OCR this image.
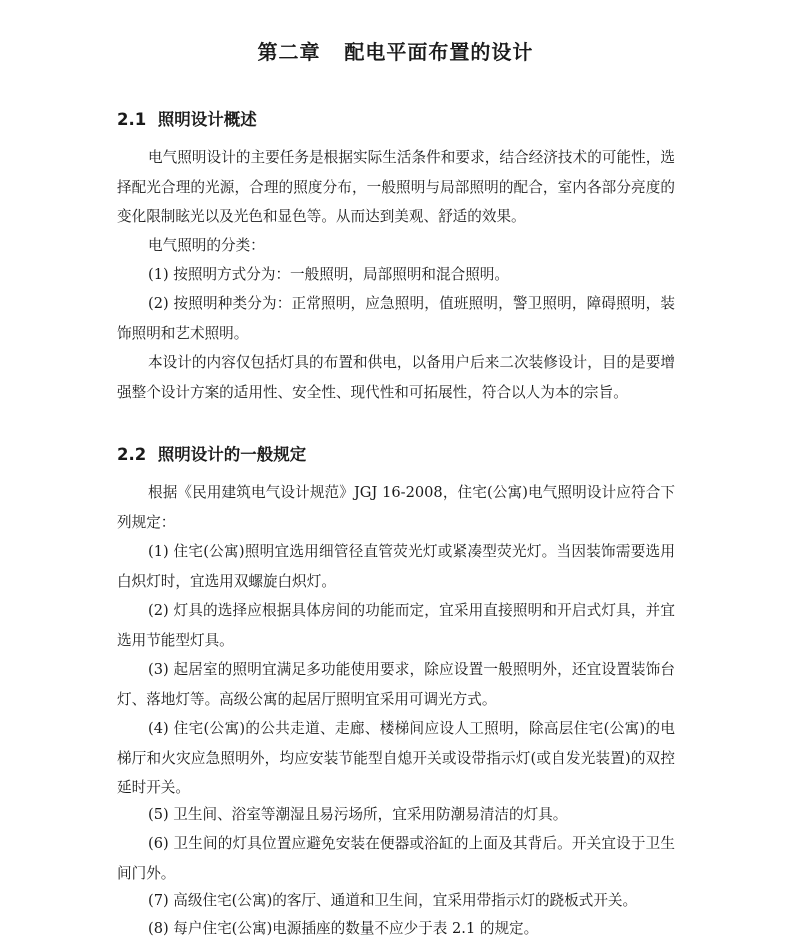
第二章   配电平面布置的设计
2.1  照明设计概述
电气照明设计的主要任务是根据实际生活条件和要求，结合经济技术的可能性，选择配光合理的光源，合理的照度分布，一般照明与局部照明的配合，室内各部分亮度的变化限制眩光以及光色和显色等。从而达到美观、舒适的效果。
电气照明的分类：
(1) 按照明方式分为：一般照明，局部照明和混合照明。
(2) 按照明种类分为：正常照明，应急照明，值班照明，警卫照明，障碍照明，装饰照明和艺术照明。
本设计的内容仅包括灯具的布置和供电，以备用户后来二次装修设计，目的是要增强整个设计方案的适用性、安全性、现代性和可拓展性，符合以人为本的宗旨。
2.2  照明设计的一般规定
根据《民用建筑电气设计规范》JGJ 16-2008，住宅(公寓)电气照明设计应符合下列规定：
(1) 住宅(公寓)照明宜选用细管径直管荧光灯或紧凑型荧光灯。当因装饰需要选用白炽灯时，宜选用双螺旋白炽灯。
(2) 灯具的选择应根据具体房间的功能而定，宜采用直接照明和开启式灯具，并宜选用节能型灯具。
(3) 起居室的照明宜满足多功能使用要求，除应设置一般照明外，还宜设置装饰台灯、落地灯等。高级公寓的起居厅照明宜采用可调光方式。
(4) 住宅(公寓)的公共走道、走廊、楼梯间应设人工照明，除高层住宅(公寓)的电梯厅和火灾应急照明外，均应安装节能型自熄开关或设带指示灯(或自发光装置)的双控延时开关。
(5) 卫生间、浴室等潮湿且易污场所，宜采用防潮易清洁的灯具。
(6) 卫生间的灯具位置应避免安装在便器或浴缸的上面及其背后。开关宜设于卫生间门外。
(7) 高级住宅(公寓)的客厅、通道和卫生间，宜采用带指示灯的跷板式开关。
(8) 每户住宅(公寓)电源插座的数量不应少于表 2.1 的规定。
